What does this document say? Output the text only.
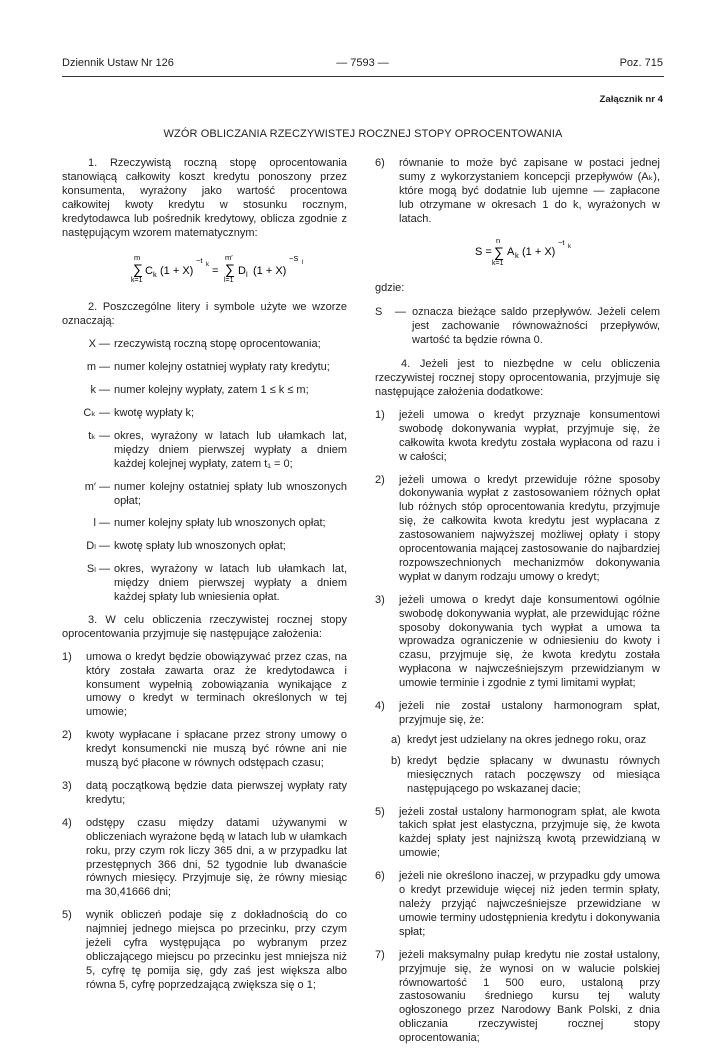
Dziennik Ustaw Nr 126	— 7593 —	Poz. 715
Załącznik nr 4
WZÓR OBLICZANIA RZECZYWISTEJ ROCZNEJ STOPY OPROCENTOWANIA

1. Rzeczywistą roczną stopę oprocentowania stanowiącą całkowity koszt kredytu ponoszony przez konsumenta, wyrażony jako wartość procentowa całkowitej kwoty kredytu w stosunku rocznym, kredytodawca lub pośrednik kredytowy, oblicza zgodnie z następującym wzorem matematycznym:

m
∑
k=1
C k (1 + X)
−t k =
m′
∑
l=1
D l (1 + X)
−S l

2. Poszczególne litery i symbole użyte we wzorze oznaczają:

X — rzeczywistą roczną stopę oprocentowania;
m — numer kolejny ostatniej wypłaty raty kredytu;
k — numer kolejny wypłaty, zatem 1 ≤ k ≤ m;
Cₖ — kwotę wypłaty k;
tₖ — okres, wyrażony w latach lub ułamkach lat, między dniem pierwszej wypłaty a dniem każdej kolejnej wypłaty, zatem t₁ = 0;
m′ — numer kolejny ostatniej spłaty lub wnoszonych opłat;
l — numer kolejny spłaty lub wnoszonych opłat;
Dₗ — kwotę spłaty lub wnoszonych opłat;
Sₗ — okres, wyrażony w latach lub ułamkach lat, między dniem pierwszej wypłaty a dniem każdej spłaty lub wniesienia opłat.

3. W celu obliczenia rzeczywistej rocznej stopy oprocentowania przyjmuje się następujące założenia:

1)	umowa o kredyt będzie obowiązywać przez czas, na który została zawarta oraz że kredytodawca i konsument wypełnią zobowiązania wynikające z umowy o kredyt w terminach określonych w tej umowie;
2)	kwoty wypłacane i spłacane przez strony umowy o kredyt konsumencki nie muszą być równe ani nie muszą być płacone w równych odstępach czasu;
3)	datą początkową będzie data pierwszej wypłaty raty kredytu;
4)	odstępy czasu między datami używanymi w obliczeniach wyrażone będą w latach lub w ułamkach roku, przy czym rok liczy 365 dni, a w przypadku lat przestępnych 366 dni, 52 tygodnie lub dwanaście równych miesięcy. Przyjmuje się, że równy miesiąc ma 30,41666 dni;
5)	wynik obliczeń podaje się z dokładnością do co najmniej jednego miejsca po przecinku, przy czym jeżeli cyfra występująca po wybranym przez obliczającego miejscu po przecinku jest mniejsza niż 5, cyfrę tę pomija się, gdy zaś jest większa albo równa 5, cyfrę poprzedzającą zwiększa się o 1;
6)	równanie to może być zapisane w postaci jednej sumy z wykorzystaniem koncepcji przepływów (Aₖ), które mogą być dodatnie lub ujemne — zapłacone lub otrzymane w okresach 1 do k, wyrażonych w latach.
S =
n
∑
k=1
A k (1 + X)
−t k

gdzie:

S	— oznacza bieżące saldo przepływów. Jeżeli celem jest zachowanie równoważności przepływów, wartość ta będzie równa 0.

4. Jeżeli jest to niezbędne w celu obliczenia rzeczywistej rocznej stopy oprocentowania, przyjmuje się następujące założenia dodatkowe:

1)	jeżeli umowa o kredyt przyznaje konsumentowi swobodę dokonywania wypłat, przyjmuje się, że całkowita kwota kredytu została wypłacona od razu i w całości;
2)	jeżeli umowa o kredyt przewiduje różne sposoby dokonywania wypłat z zastosowaniem różnych opłat lub różnych stóp oprocentowania kredytu, przyjmuje się, że całkowita kwota kredytu jest wypłacana z zastosowaniem najwyższej możliwej opłaty i stopy oprocentowania mającej zastosowanie do najbardziej rozpowszechnionych mechanizmów dokonywania wypłat w danym rodzaju umowy o kredyt;
3)	jeżeli umowa o kredyt daje konsumentowi ogólnie swobodę dokonywania wypłat, ale przewidując różne sposoby dokonywania tych wypłat a umowa ta wprowadza ograniczenie w odniesieniu do kwoty i czasu, przyjmuje się, że kwota kredytu została wypłacona w najwcześniejszym przewidzianym w umowie terminie i zgodnie z tymi limitami wypłat;
4)	jeżeli nie został ustalony harmonogram spłat, przyjmuje się, że:
a) kredyt jest udzielany na okres jednego roku, oraz
b) kredyt będzie spłacany w dwunastu równych miesięcznych ratach poczęwszy od miesiąca następującego po wskazanej dacie;
5)	jeżeli został ustalony harmonogram spłat, ale kwota takich spłat jest elastyczna, przyjmuje się, że kwota każdej spłaty jest najniższą kwotą przewidzianą w umowie;
6)	jeżeli nie określono inaczej, w przypadku gdy umowa o kredyt przewiduje więcej niż jeden termin spłaty, należy przyjąć najwcześniejsze przewidziane w umowie terminy udostępnienia kredytu i dokonywania spłat;
7)	jeżeli maksymalny pułap kredytu nie został ustalony, przyjmuje się, że wynosi on w walucie polskiej równowartość 1 500 euro, ustaloną przy zastosowaniu średniego kursu tej waluty ogłoszonego przez Narodowy Bank Polski, z dnia obliczania rzeczywistej rocznej stopy oprocentowania;
